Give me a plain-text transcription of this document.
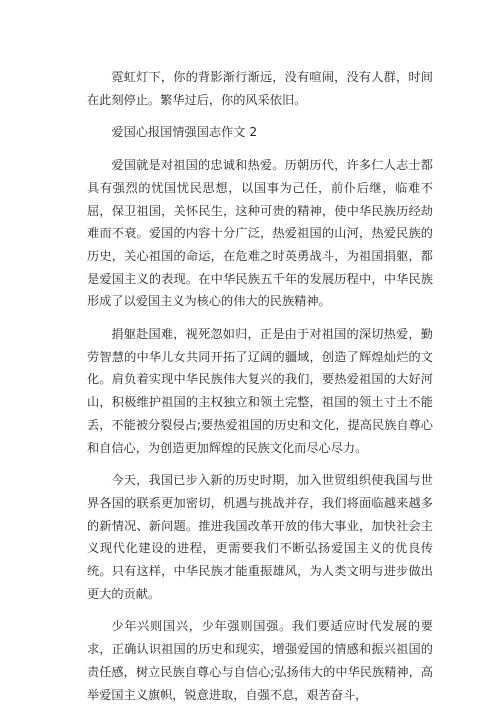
霓虹灯下，你的背影渐行渐远，没有喧闹，没有人群，时间在此刻停止。繁华过后，你的风采依旧。

爱国心报国情强国志作文 2

爱国就是对祖国的忠诚和热爱。历朝历代，许多仁人志士都具有强烈的忧国忧民思想，以国事为己任，前仆后继，临难不屈，保卫祖国，关怀民生，这种可贵的精神，使中华民族历经劫难而不衰。爱国的内容十分广泛，热爱祖国的山河，热爱民族的历史，关心祖国的命运，在危难之时英勇战斗，为祖国捐躯，都是爱国主义的表现。在中华民族五千年的发展历程中，中华民族形成了以爱国主义为核心的伟大的民族精神。

捐躯赴国难，视死忽如归，正是由于对祖国的深切热爱，勤劳智慧的中华儿女共同开拓了辽阔的疆域，创造了辉煌灿烂的文化。肩负着实现中华民族伟大复兴的我们，要热爱祖国的大好河山，积极维护祖国的主权独立和领土完整，祖国的领土寸土不能丢，不能被分裂侵占;要热爱祖国的历史和文化，提高民族自尊心和自信心，为创造更加辉煌的民族文化而尽心尽力。

今天，我国已步入新的历史时期，加入世贸组织使我国与世界各国的联系更加密切，机遇与挑战并存，我们将面临越来越多的新情况、新问题。推进我国改革开放的伟大事业，加快社会主义现代化建设的进程，更需要我们不断弘扬爱国主义的优良传统。只有这样，中华民族才能重振雄风，为人类文明与进步做出更大的贡献。

少年兴则国兴，少年强则国强。我们要适应时代发展的要求，正确认识祖国的历史和现实，增强爱国的情感和振兴祖国的责任感，树立民族自尊心与自信心;弘扬伟大的中华民族精神，高举爱国主义旗帜，锐意进取，自强不息，艰苦奋斗，
